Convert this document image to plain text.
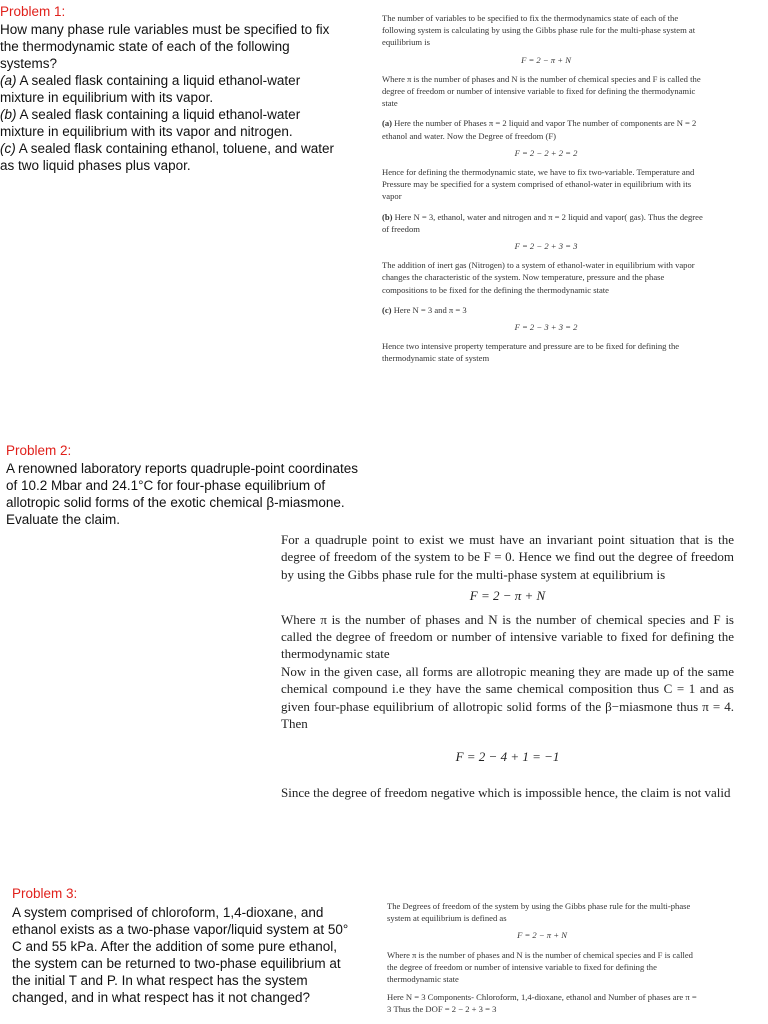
Problem 1:

How many phase rule variables must be specified to fix

the thermodynamic state of each of the following

systems?

(a) A sealed flask containing a liquid ethanol-water

mixture in equilibrium with its vapor.

(b) A sealed flask containing a liquid ethanol-water

mixture in equilibrium with its vapor and nitrogen.

(c) A sealed flask containing ethanol, toluene, and water

as two liquid phases plus vapor.

The number of variables to be specified to fix the thermodynamics state of each of the following system is calculating by using the Gibbs phase rule for the multi-phase system at equilibrium is

F = 2 − π + N

Where π is the number of phases and N is the number of chemical species and F is called the degree of freedom or number of intensive variable to fixed for defining the thermodynamic state

(a) Here the number of Phases π = 2 liquid and vapor The number of components are N = 2 ethanol and water. Now the Degree of freedom (F)

F = 2 − 2 + 2 = 2

Hence for defining the thermodynamic state, we have to fix two-variable. Temperature and Pressure may be specified for a system comprised of ethanol-water in equilibrium with its vapor

(b) Here N = 3, ethanol, water and nitrogen and π = 2 liquid and vapor( gas). Thus the degree of freedom

F = 2 − 2 + 3 = 3

The addition of inert gas (Nitrogen) to a system of ethanol-water in equilibrium with vapor changes the characteristic of the system. Now temperature, pressure and the phase compositions to be fixed for the defining the thermodynamic state

(c) Here N = 3 and π = 3

F = 2 − 3 + 3 = 2

Hence two intensive property temperature and pressure are to be fixed for defining the thermodynamic state of system

Problem 2:

A renowned laboratory reports quadruple-point coordinates

of 10.2 Mbar and 24.1°C for four-phase equilibrium of

allotropic solid forms of the exotic chemical β-miasmone.

Evaluate the claim.

For a quadruple point to exist we must have an invariant point situation that is the degree of freedom of the system to be F = 0. Hence we find out the degree of freedom by using the Gibbs phase rule for the multi-phase system at equilibrium is

F = 2 − π + N

Where π is the number of phases and N is the number of chemical species and F is called the degree of freedom or number of intensive variable to fixed for defining the thermodynamic state

Now in the given case, all forms are allotropic meaning they are made up of the same chemical compound i.e they have the same chemical composition thus C = 1 and as given four-phase equilibrium of allotropic solid forms of the β−miasmone thus π = 4. Then

F = 2 − 4 + 1 = −1

Since the degree of freedom negative which is impossible hence, the claim is not valid

Problem 3:

A system comprised of chloroform, 1,4-dioxane, and

ethanol exists as a two-phase vapor/liquid system at 50°

C and 55 kPa. After the addition of some pure ethanol,

the system can be returned to two-phase equilibrium at

the initial T and P. In what respect has the system

changed, and in what respect has it not changed?

The Degrees of freedom of the system by using the Gibbs phase rule for the multi-phase system at equilibrium is defined as

F = 2 − π + N

Where π is the number of phases and N is the number of chemical species and F is called the degree of freedom or number of intensive variable to fixed for defining the thermodynamic state

Here N = 3 Components- Chloroform, 1,4-dioxane, ethanol and Number of phases are π = 3 Thus the DOF = 2 − 2 + 3 = 3
